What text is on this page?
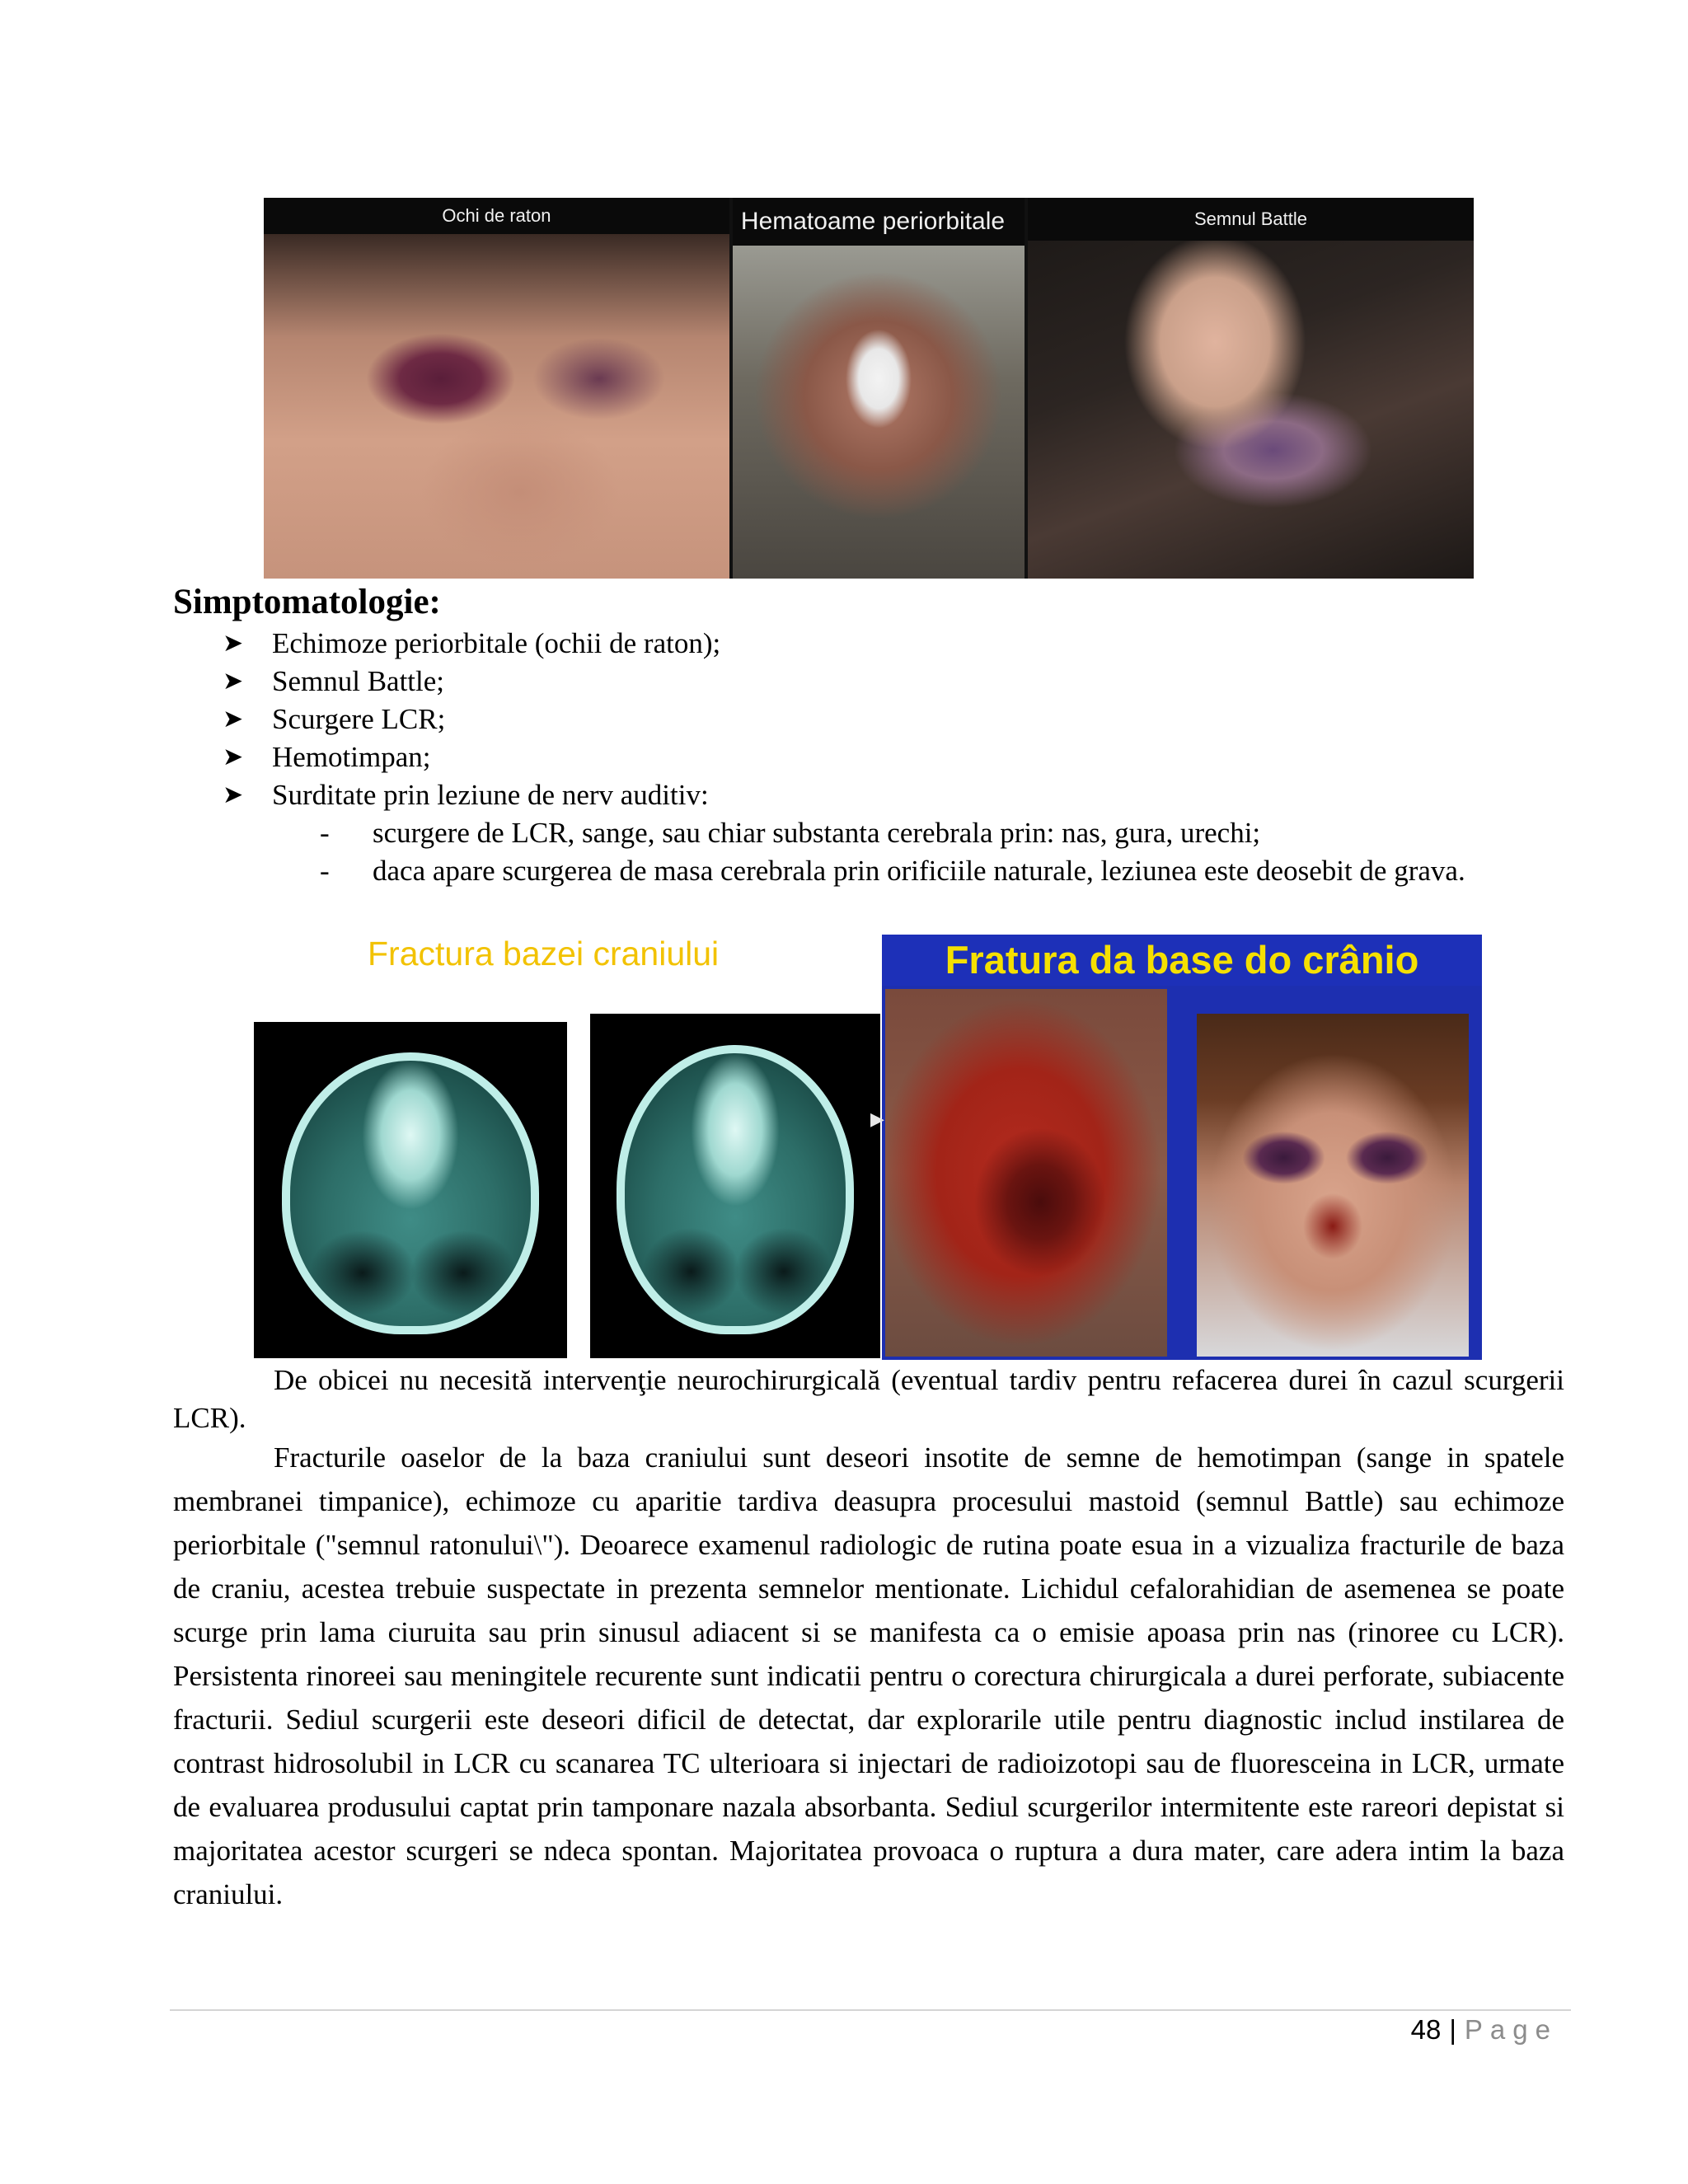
Ochi de raton	Hematoame periorbitale	Semnul Battle
Simptomatologie:
➤ Echimoze periorbitale (ochii de raton);
➤ Semnul Battle;
➤ Scurgere LCR;
➤ Hemotimpan;
➤ Surditate prin leziune de nerv auditiv:
-	scurgere de LCR, sange, sau chiar substanta cerebrala prin: nas, gura, urechi;
-	daca apare scurgerea de masa cerebrala prin orificiile naturale, leziunea este deosebit de grava.
Fractura bazei craniului	Fratura da base do crânio
▶

De obicei nu necesită intervenţie neurochirurgicală (eventual tardiv pentru refacerea durei în cazul scurgerii LCR).

Fracturile oaselor de la baza craniului sunt deseori insotite de semne de hemotimpan (sange in spatele membranei timpanice), echimoze cu aparitie tardiva deasupra procesului mastoid (semnul Battle) sau echimoze periorbitale ("semnul ratonului\"). Deoarece examenul radiologic de rutina poate esua in a vizualiza fracturile de baza de craniu, acestea trebuie suspectate in prezenta semnelor mentionate. Lichidul cefalorahidian de asemenea se poate scurge prin lama ciuruita sau prin sinusul adiacent si se manifesta ca o emisie apoasa prin nas (rinoree cu LCR). Persistenta rinoreei sau meningitele recurente sunt indicatii pentru o corectura chirurgicala a durei perforate, subiacente fracturii. Sediul scurgerii este deseori dificil de detectat, dar explorarile utile pentru diagnostic includ instilarea de contrast hidrosolubil in LCR cu scanarea TC ulterioara si injectari de radioizotopi sau de fluoresceina in LCR, urmate de evaluarea produsului captat prin tamponare nazala absorbanta. Sediul scurgerilor intermitente este rareori depistat si majoritatea acestor scurgeri se ndeca spontan. Majoritatea provoaca o ruptura a dura mater, care adera intim la baza craniului.

48 | Page
